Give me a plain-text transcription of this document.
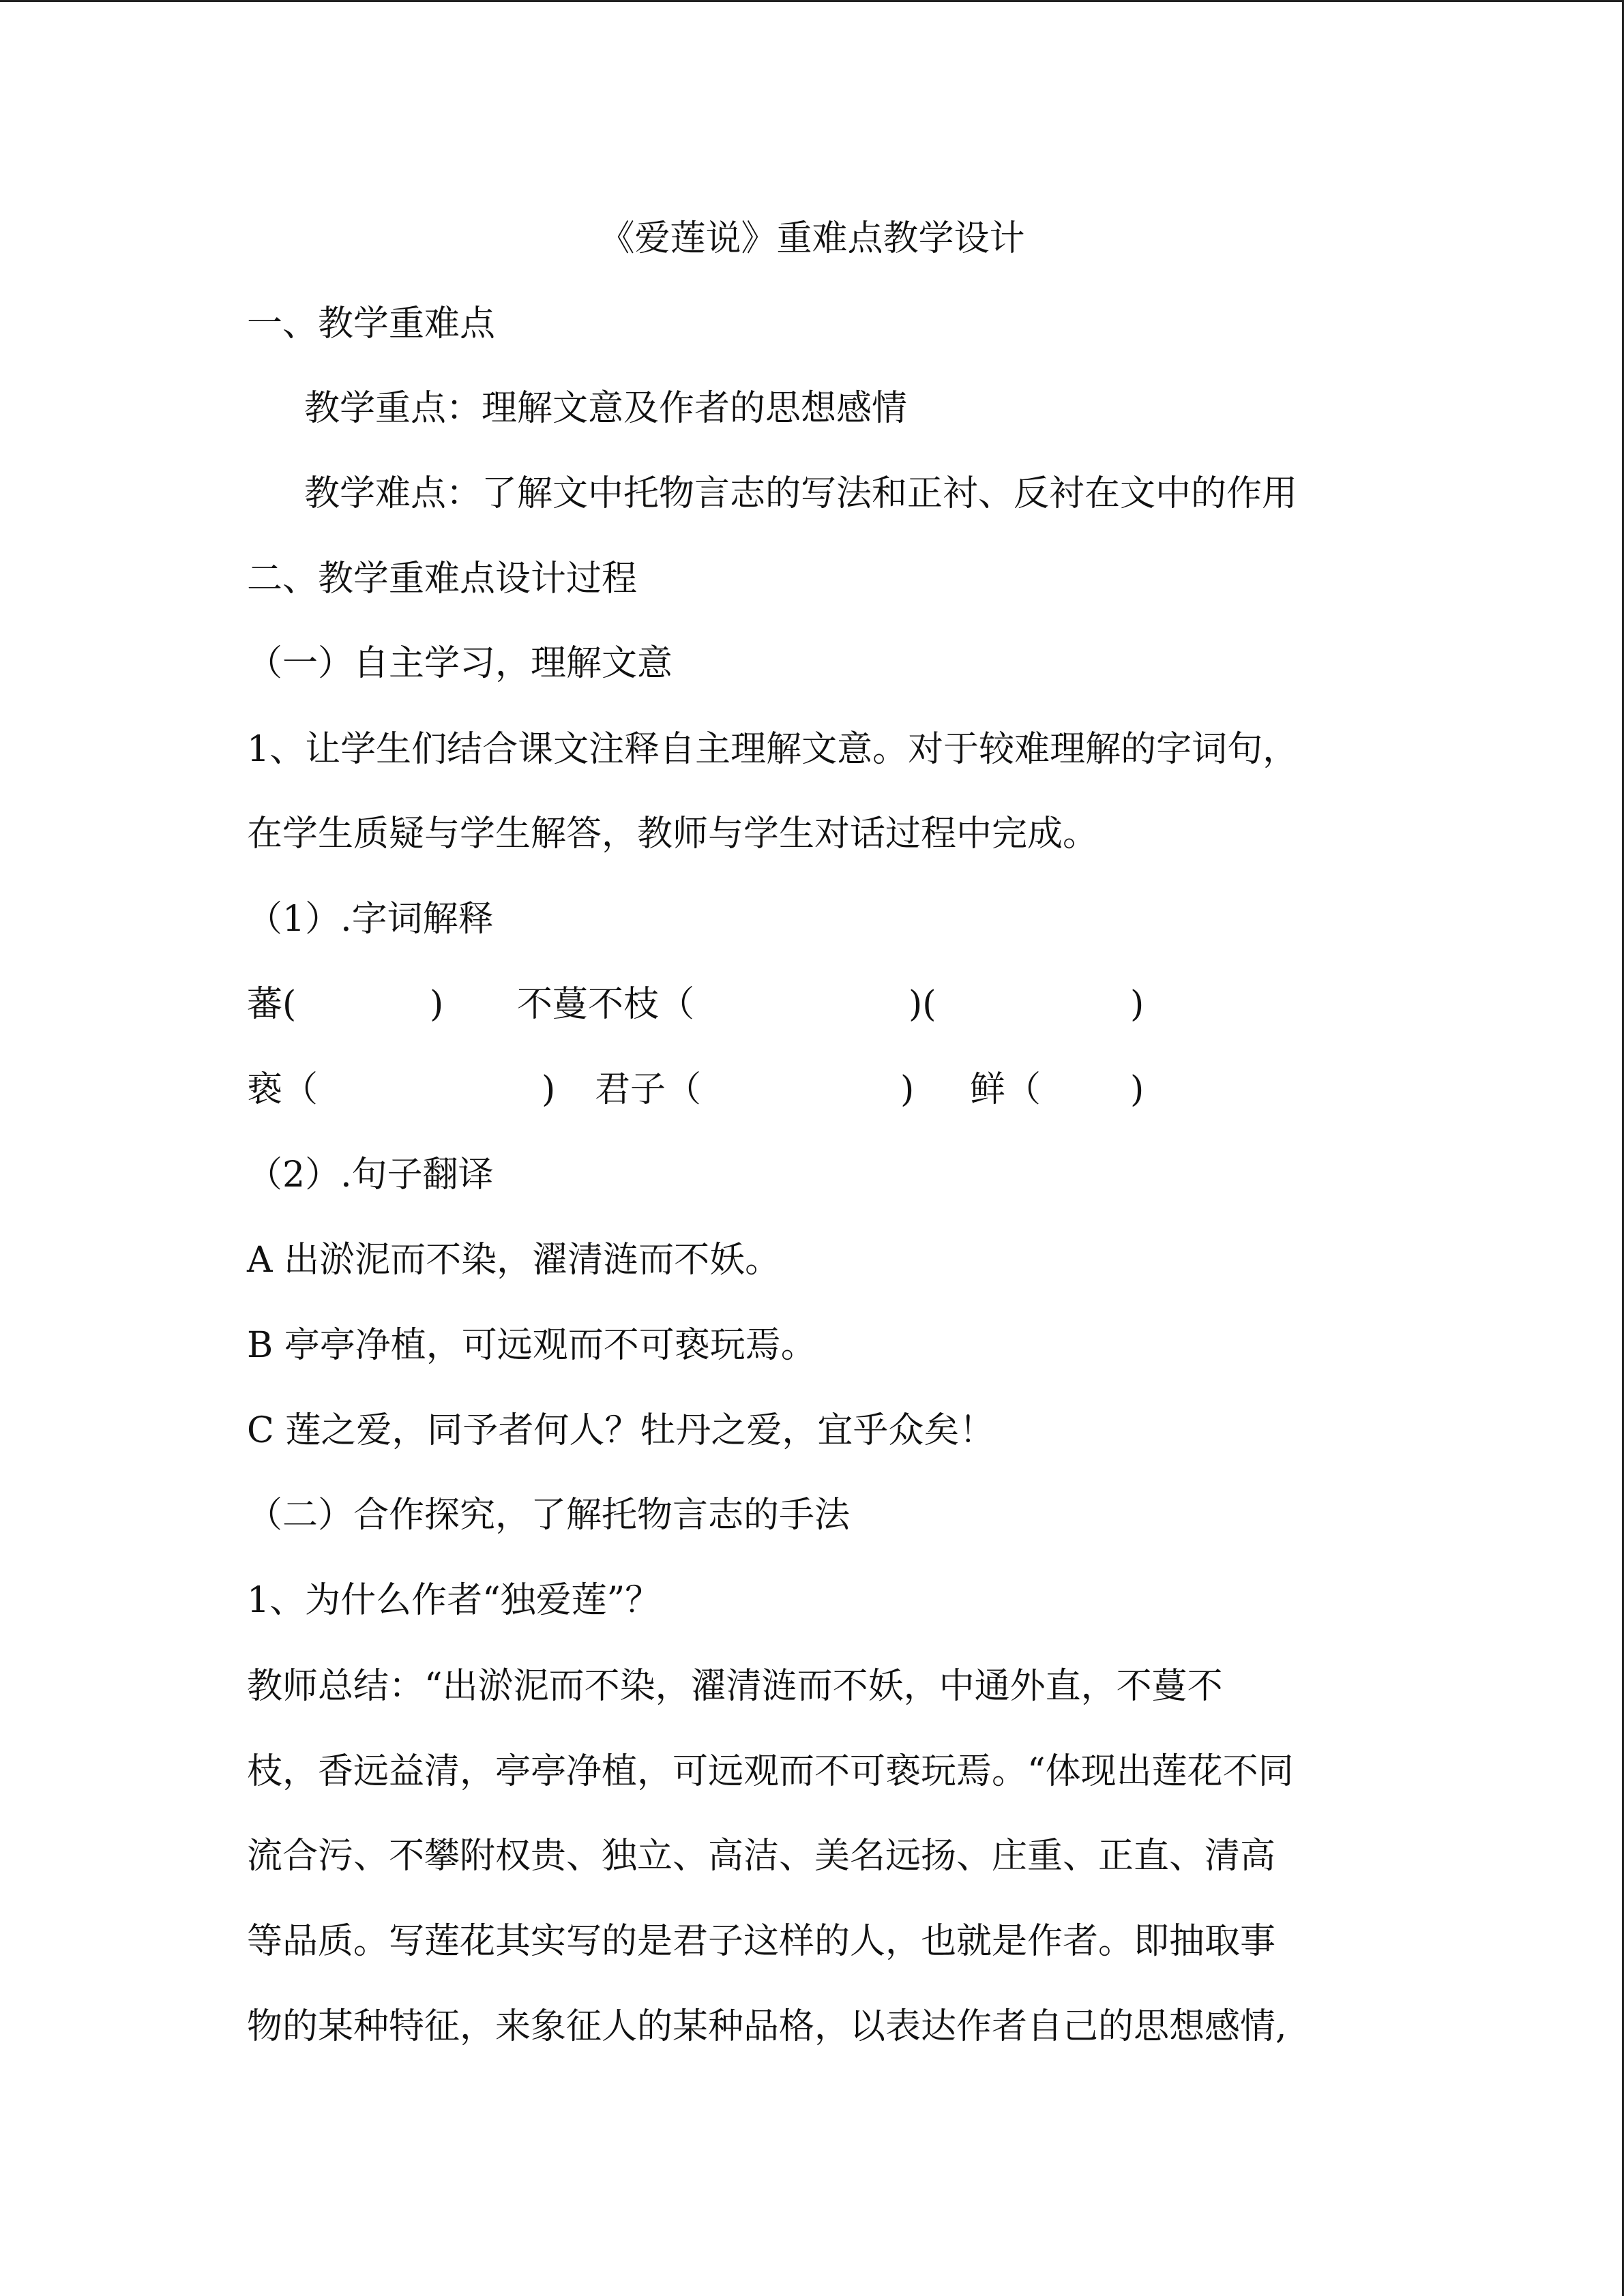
《爱莲说》重难点教学设计
一、教学重难点
教学重点：理解文意及作者的思想感情
教学难点：了解文中托物言志的写法和正衬、反衬在文中的作用
二、教学重难点设计过程
（一）自主学习，理解文意
1、让学生们结合课文注释自主理解文意。对于较难理解的字词句，
在学生质疑与学生解答，教师与学生对话过程中完成。
（1）.字词解释
蕃(	) 不蔓不枝（	)(	)
亵（	) 君子（	) 鲜（	)
（2）.句子翻译
A 出淤泥而不染，濯清涟而不妖。
B 亭亭净植，可远观而不可亵玩焉。
C 莲之爱，同予者何人？牡丹之爱，宜乎众矣！
（二）合作探究，了解托物言志的手法
1、为什么作者“独爱莲”？
教师总结：“出淤泥而不染，濯清涟而不妖，中通外直，不蔓不
枝，香远益清，亭亭净植，可远观而不可亵玩焉。“体现出莲花不同
流合污、不攀附权贵、独立、高洁、美名远扬、庄重、正直、清高
等品质。写莲花其实写的是君子这样的人，也就是作者。即抽取事
物的某种特征，来象征人的某种品格，以表达作者自己的思想感情,
